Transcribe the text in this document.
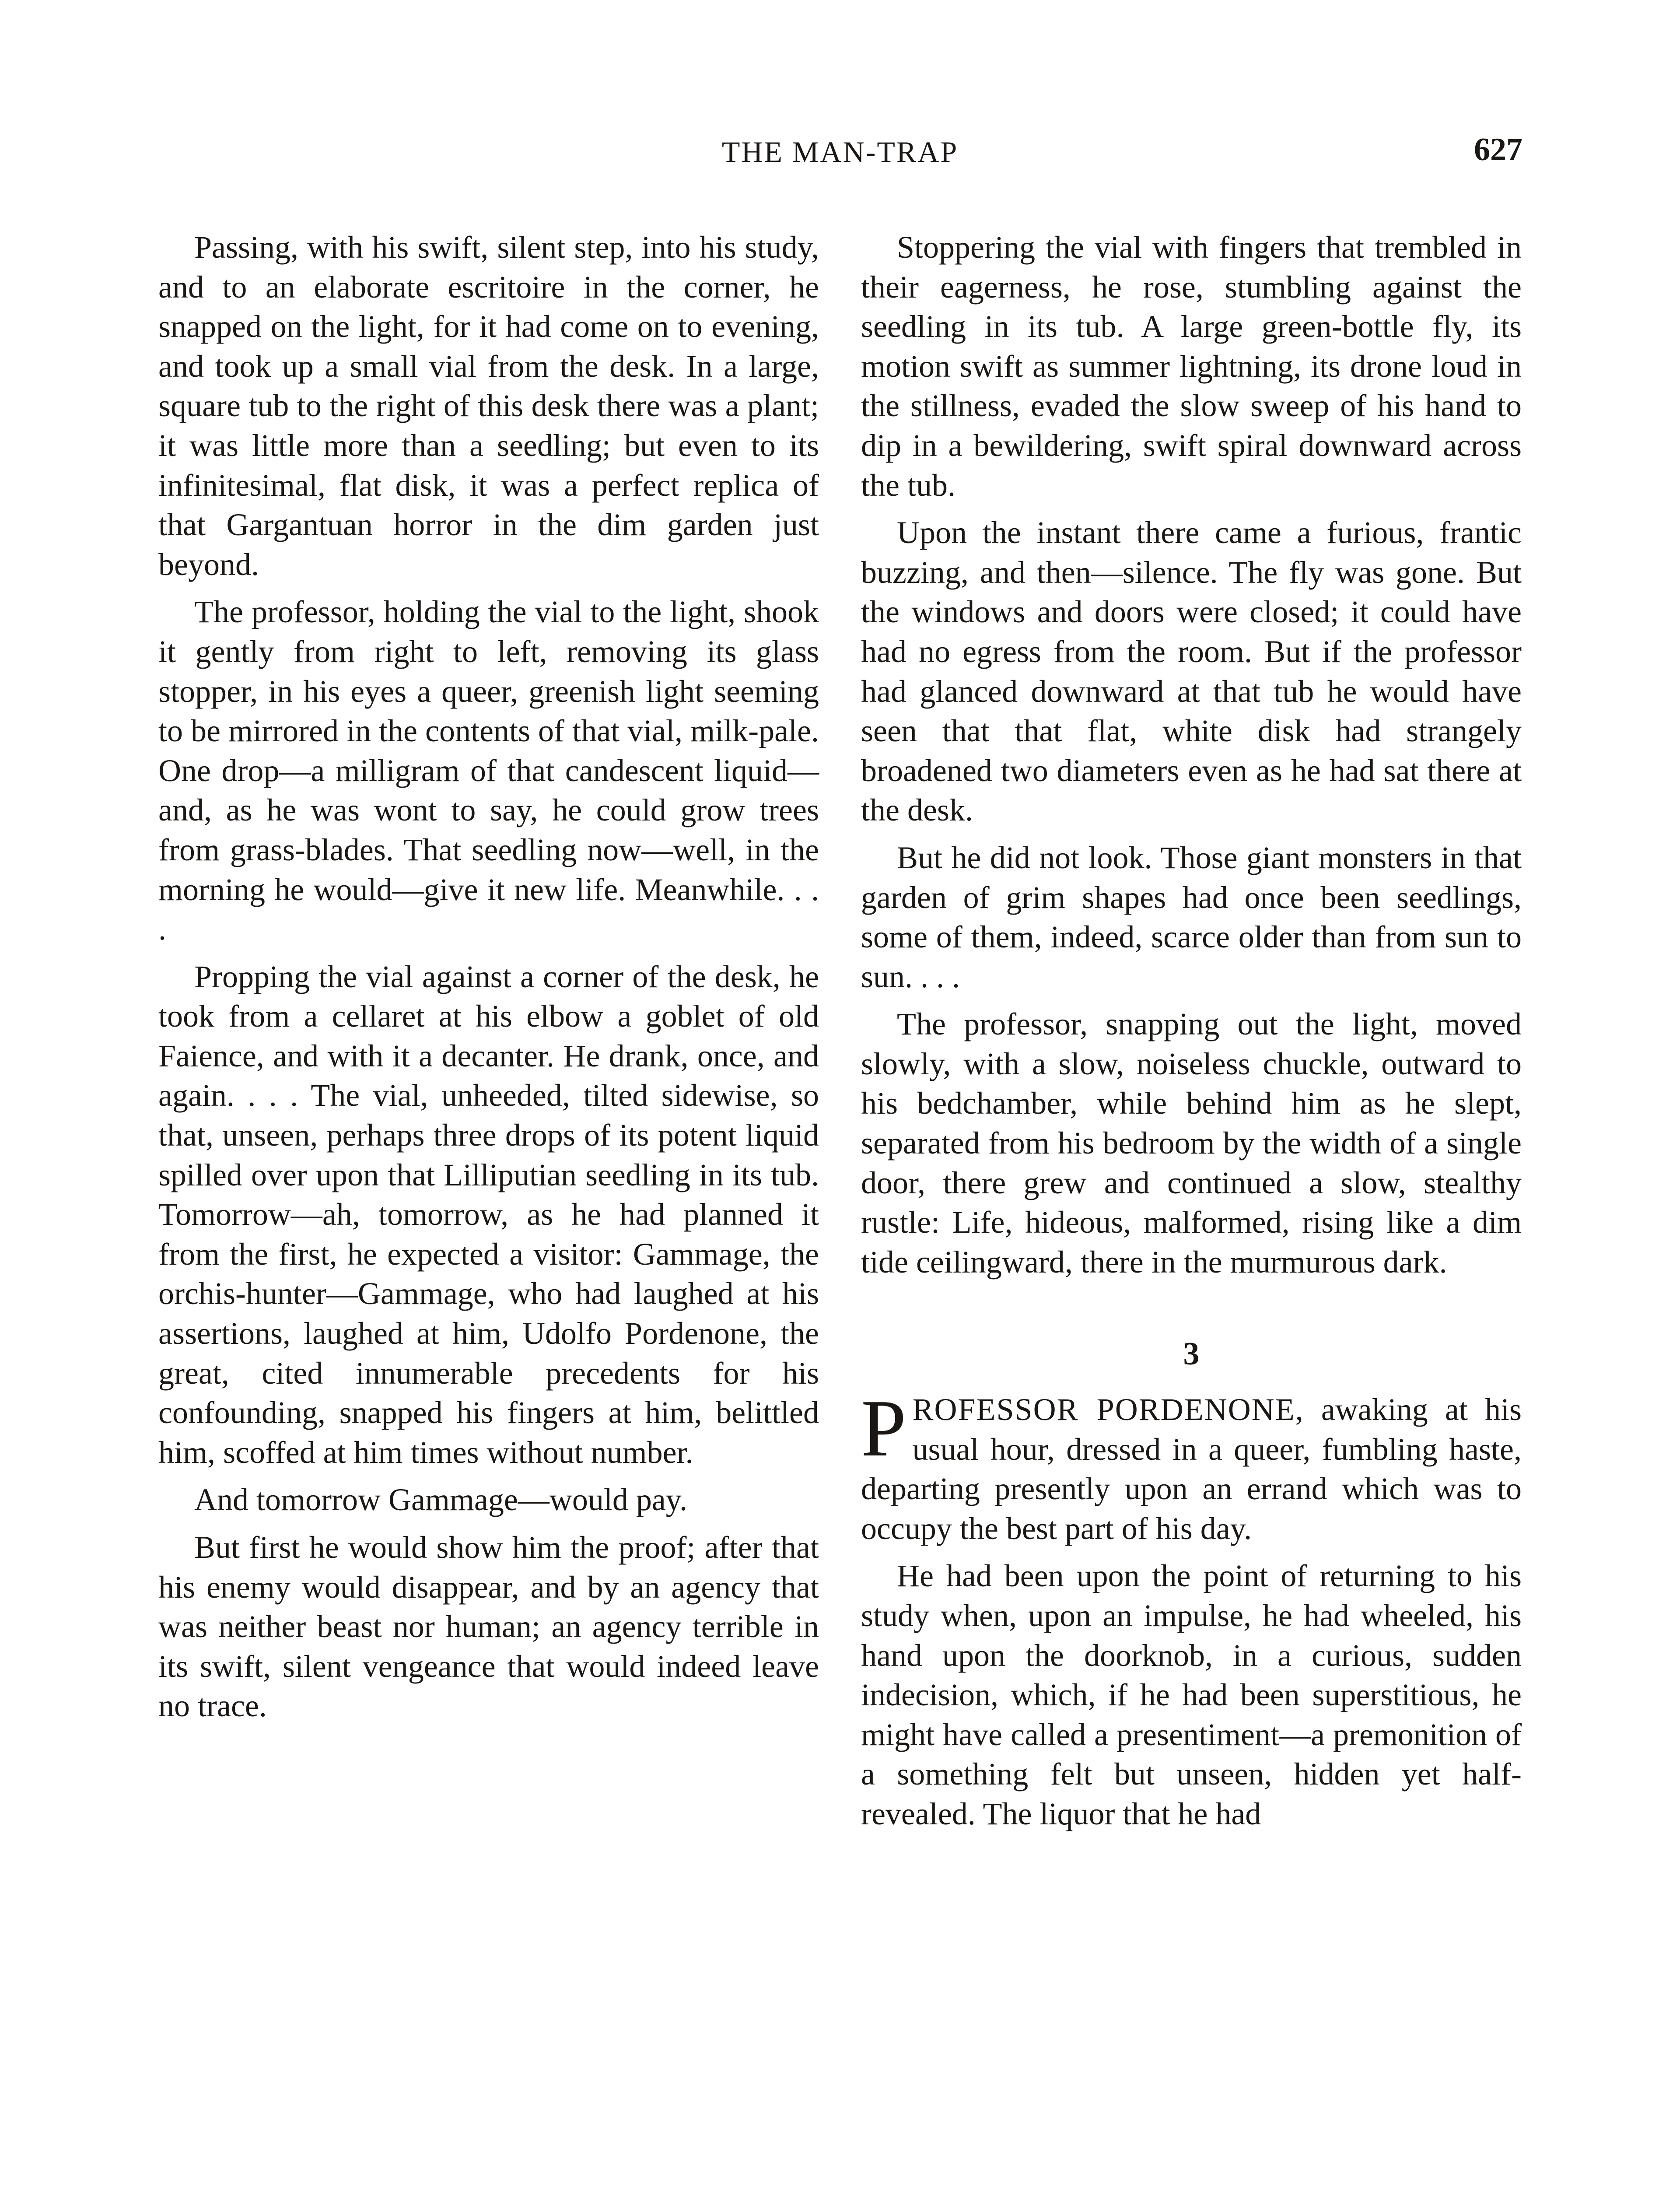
THE MAN-TRAP	627

Passing, with his swift, silent step, into his study, and to an elaborate escritoire in the corner, he snapped on the light, for it had come on to evening, and took up a small vial from the desk. In a large, square tub to the right of this desk there was a plant; it was little more than a seedling; but even to its infinitesimal, flat disk, it was a perfect replica of that Gargantuan horror in the dim garden just beyond.

The professor, holding the vial to the light, shook it gently from right to left, removing its glass stopper, in his eyes a queer, greenish light seeming to be mirrored in the contents of that vial, milk-pale. One drop—a milligram of that candescent liquid—and, as he was wont to say, he could grow trees from grass-blades. That seedling now—well, in the morning he would—give it new life. Meanwhile. . . .

Propping the vial against a corner of the desk, he took from a cellaret at his elbow a goblet of old Faience, and with it a decanter. He drank, once, and again. . . . The vial, unheeded, tilted sidewise, so that, unseen, perhaps three drops of its potent liquid spilled over upon that Lilliputian seedling in its tub. Tomorrow—ah, tomorrow, as he had planned it from the first, he expected a visitor: Gammage, the orchis-hunter—Gammage, who had laughed at his assertions, laughed at him, Udolfo Pordenone, the great, cited innumerable precedents for his confounding, snapped his fingers at him, belittled him, scoffed at him times without number.

And tomorrow Gammage—would pay.

But first he would show him the proof; after that his enemy would disappear, and by an agency that was neither beast nor human; an agency terrible in its swift, silent vengeance that would indeed leave no trace.

Stoppering the vial with fingers that trembled in their eagerness, he rose, stumbling against the seedling in its tub. A large green-bottle fly, its motion swift as summer lightning, its drone loud in the stillness, evaded the slow sweep of his hand to dip in a bewildering, swift spiral downward across the tub.

Upon the instant there came a furious, frantic buzzing, and then—silence. The fly was gone. But the windows and doors were closed; it could have had no egress from the room. But if the professor had glanced downward at that tub he would have seen that that flat, white disk had strangely broadened two diameters even as he had sat there at the desk.

But he did not look. Those giant monsters in that garden of grim shapes had once been seedlings, some of them, indeed, scarce older than from sun to sun. . . .

The professor, snapping out the light, moved slowly, with a slow, noiseless chuckle, outward to his bedchamber, while behind him as he slept, separated from his bedroom by the width of a single door, there grew and continued a slow, stealthy rustle: Life, hideous, malformed, rising like a dim tide ceilingward, there in the murmurous dark.

3

PROFESSOR PORDENONE, awaking at his usual hour, dressed in a queer, fumbling haste, departing presently upon an errand which was to occupy the best part of his day.

He had been upon the point of returning to his study when, upon an impulse, he had wheeled, his hand upon the doorknob, in a curious, sudden indecision, which, if he had been superstitious, he might have called a presentiment—a premonition of a something felt but unseen, hidden yet half-revealed. The liquor that he had
